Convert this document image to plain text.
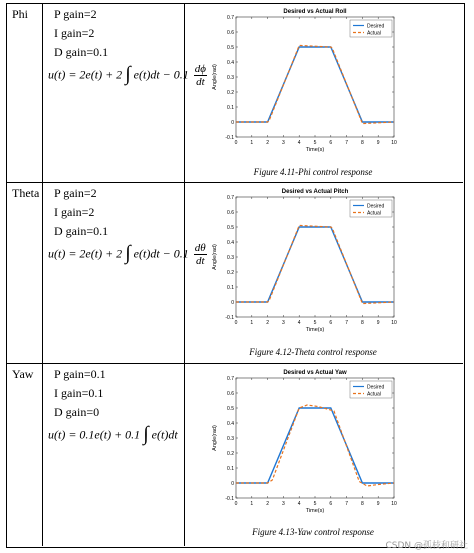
Phi P gain=2
I gain=2
D gain=0.1
u(t) = 2e(t) + 2 ∫ $e(t)dt - 0.1 \frac{d\phi}{dt}$
Desired vs Actual Roll
0	1	2	3	4	5	6	7	8	9 10
-0.1
0
0.1
0.2
0.3
0.4
0.5
0.6
0.7
Time(s)
Angle(rad)
Desired
Actual
Figure 4.11-Phi control response
Theta P gain=2
I gain=2
D gain=0.1
u(t) = 2e(t) + 2 ∫ $e(t)dt - 0.1 \frac{d\theta}{dt}$
Desired vs Actual Pitch
0	1	2	3	4	5	6	7	8	9 10
-0.1
0
0.1
0.2
0.3
0.4
0.5
0.6
0.7
Time(s)
Angle(rad)
Desired
Actual
Figure 4.12-Theta control response
Yaw P gain=0.1
I gain=0.1
D gain=0
u(t) = 0.1e(t) + 0.1 ∫ e(t)dt
Desired vs Actual Yaw
0	1	2	3	4	5	6	7	8	9 10
-0.1
0
0.1
0.2
0.3
0.4
0.5
0.6
0.7
Time(s)
Angle(rad)
Desired
Actual
Figure 4.13-Yaw control response
CSDN @孤枝和研社
